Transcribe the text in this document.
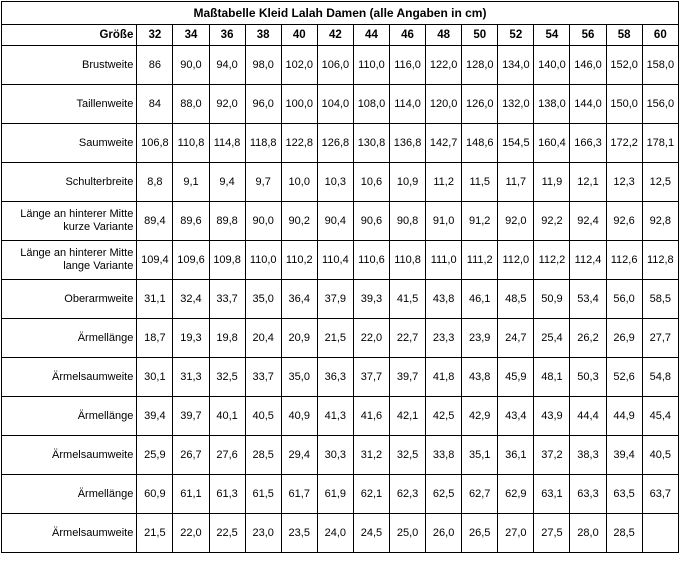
Maßtabelle Kleid Lalah Damen (alle Angaben in cm)															
Größe	32	34	36	38	40	42	44	46	48	50	52	54	56	58	60
Brustweite	86	90,0	94,0	98,0	102,0	106,0	110,0	116,0	122,0	128,0	134,0	140,0	146,0	152,0	158,0
Taillenweite	84	88,0	92,0	96,0	100,0	104,0	108,0	114,0	120,0	126,0	132,0	138,0	144,0	150,0	156,0
Saumweite	106,8	110,8	114,8	118,8	122,8	126,8	130,8	136,8	142,7	148,6	154,5	160,4	166,3	172,2	178,1
Schulterbreite	8,8	9,1	9,4	9,7	10,0	10,3	10,6	10,9	11,2	11,5	11,7	11,9	12,1	12,3	12,5
Länge an hinterer Mitte
kurze Variante	89,4	89,6	89,8	90,0	90,2	90,4	90,6	90,8	91,0	91,2	92,0	92,2	92,4	92,6	92,8
Länge an hinterer Mitte
lange Variante	109,4	109,6	109,8	110,0	110,2	110,4	110,6	110,8	111,0	111,2	112,0	112,2	112,4	112,6	112,8
Oberarmweite	31,1	32,4	33,7	35,0	36,4	37,9	39,3	41,5	43,8	46,1	48,5	50,9	53,4	56,0	58,5
Ärmellänge	18,7	19,3	19,8	20,4	20,9	21,5	22,0	22,7	23,3	23,9	24,7	25,4	26,2	26,9	27,7
Ärmelsaumweite	30,1	31,3	32,5	33,7	35,0	36,3	37,7	39,7	41,8	43,8	45,9	48,1	50,3	52,6	54,8
Ärmellänge	39,4	39,7	40,1	40,5	40,9	41,3	41,6	42,1	42,5	42,9	43,4	43,9	44,4	44,9	45,4
Ärmelsaumweite	25,9	26,7	27,6	28,5	29,4	30,3	31,2	32,5	33,8	35,1	36,1	37,2	38,3	39,4	40,5
Ärmellänge	60,9	61,1	61,3	61,5	61,7	61,9	62,1	62,3	62,5	62,7	62,9	63,1	63,3	63,5	63,7
Ärmelsaumweite	21,5	22,0	22,5	23,0	23,5	24,0	24,5	25,0	26,0	26,5	27,0	27,5	28,0	28,5	
